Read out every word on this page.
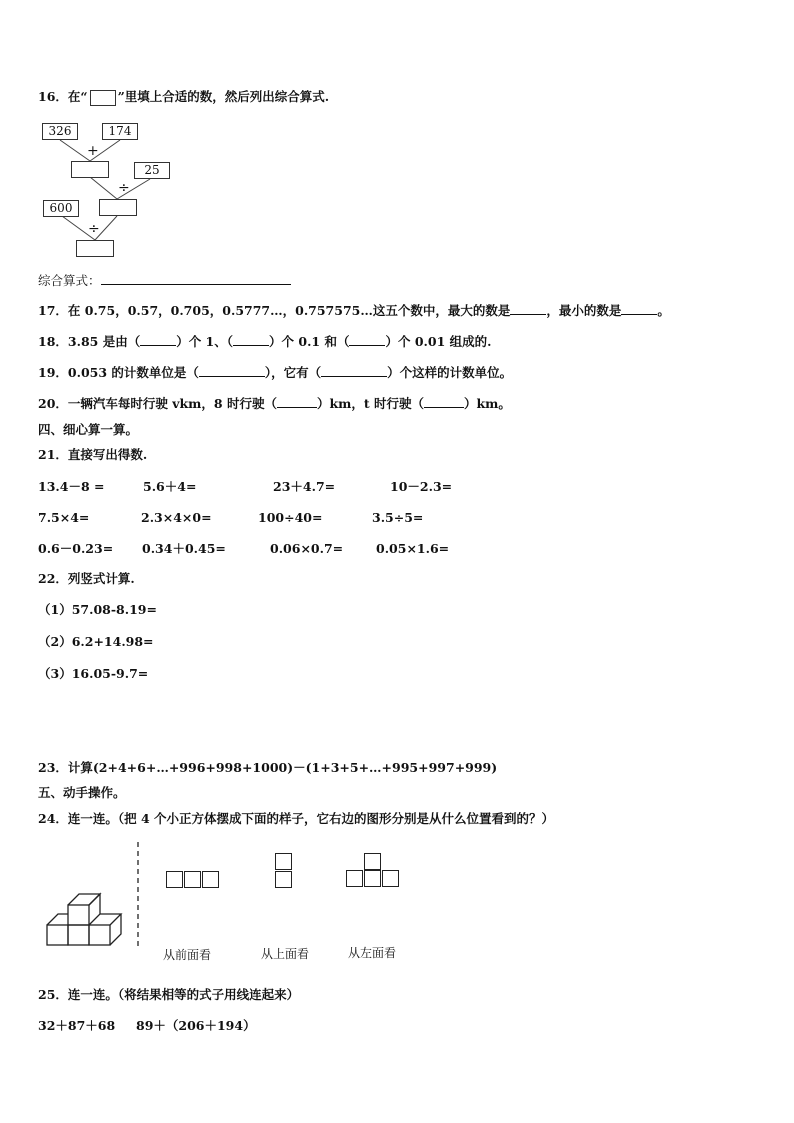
16．在“ ”里填上合适的数，然后列出综合算式.
326	174
+
25
÷
600
÷
综合算式：
17．在 0.75，0.57，0.705，0.5777…，0.757575…这五个数中，最大的数是	，最小的数是	。
18．3.85 是由（	）个 1、（	）个 0.1 和（	）个 0.01 组成的.
19．0.053 的计数单位是（	），它有（	）个这样的计数单位。
20．一辆汽车每时行驶 vkm，8 时行驶（	）km，t 时行驶（	）km。
四、细心算一算。
21．直接写出得数.
13.4－8 =	5.6＋4=	23＋4.7=	10－2.3=
7.5×4=	2.3×4×0=	100÷40=	3.5÷5=
0.6－0.23= 0.34＋0.45=	0.06×0.7=	0.05×1.6=
22．列竖式计算.
（1）57.08-8.19=
（2）6.2+14.98=
（3）16.05-9.7=
23．计算(2+4+6+…+996+998+1000)－(1+3+5+…+995+997+999)
五、动手操作。
24．连一连。（把 4 个小正方体摆成下面的样子，它右边的图形分别是从什么位置看到的？）
从前面看	从上面看	从左面看
25．连一连。（将结果相等的式子用线连起来）
32＋87＋68 89＋（206＋194）
